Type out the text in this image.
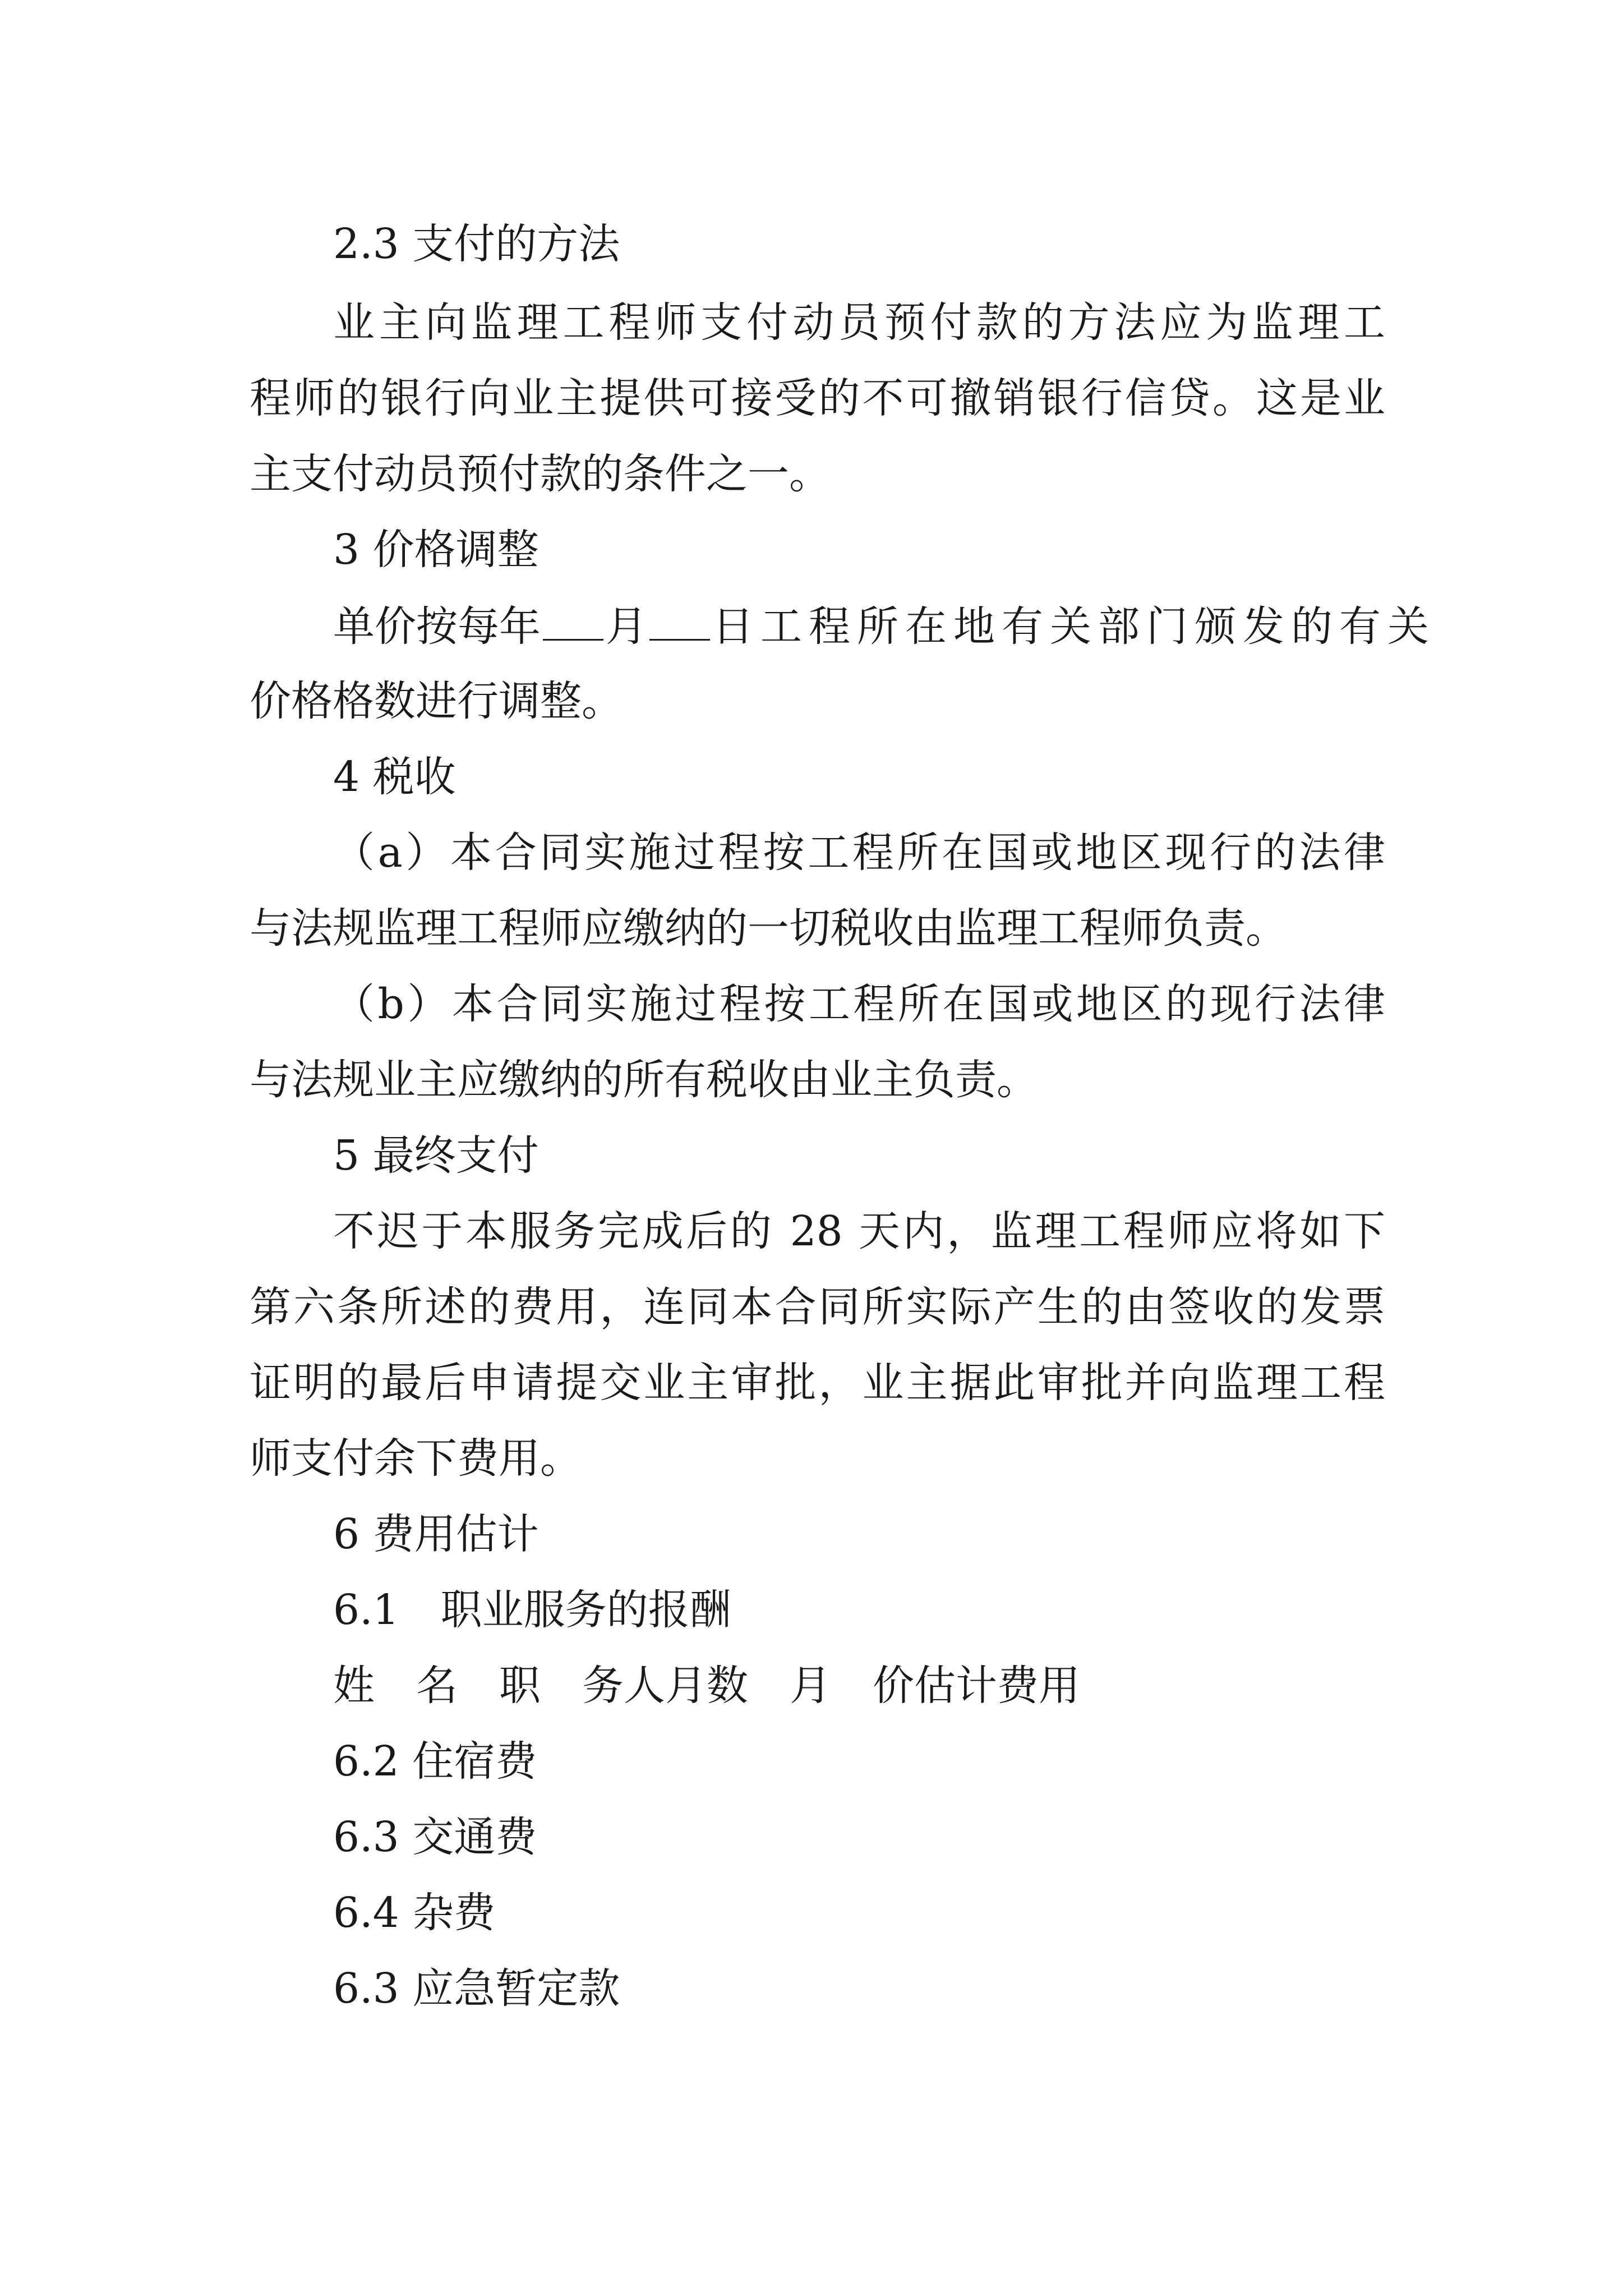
2.3 支付的方法
业主向监理工程师支付动员预付款的方法应为监理工
程师的银行向业主提供可接受的不可撤销银行信贷。这是业
主支付动员预付款的条件之一。
3 价格调整
单价按每年 月 日工程所在地有关部门颁发的有关
价格格数进行调整。
4 税收
（a）本合同实施过程按工程所在国或地区现行的法律
与法规监理工程师应缴纳的一切税收由监理工程师负责。
（b）本合同实施过程按工程所在国或地区的现行法律
与法规业主应缴纳的所有税收由业主负责。
5 最终支付
不迟于本服务完成后的 28 天内，监理工程师应将如下
第六条所述的费用，连同本合同所实际产生的由签收的发票
证明的最后申请提交业主审批，业主据此审批并向监理工程
师支付余下费用。
6 费用估计
6.1　职业服务的报酬
姓　名　职　务人月数　月　价估计费用
6.2 住宿费
6.3 交通费
6.4 杂费
6.3 应急暂定款
